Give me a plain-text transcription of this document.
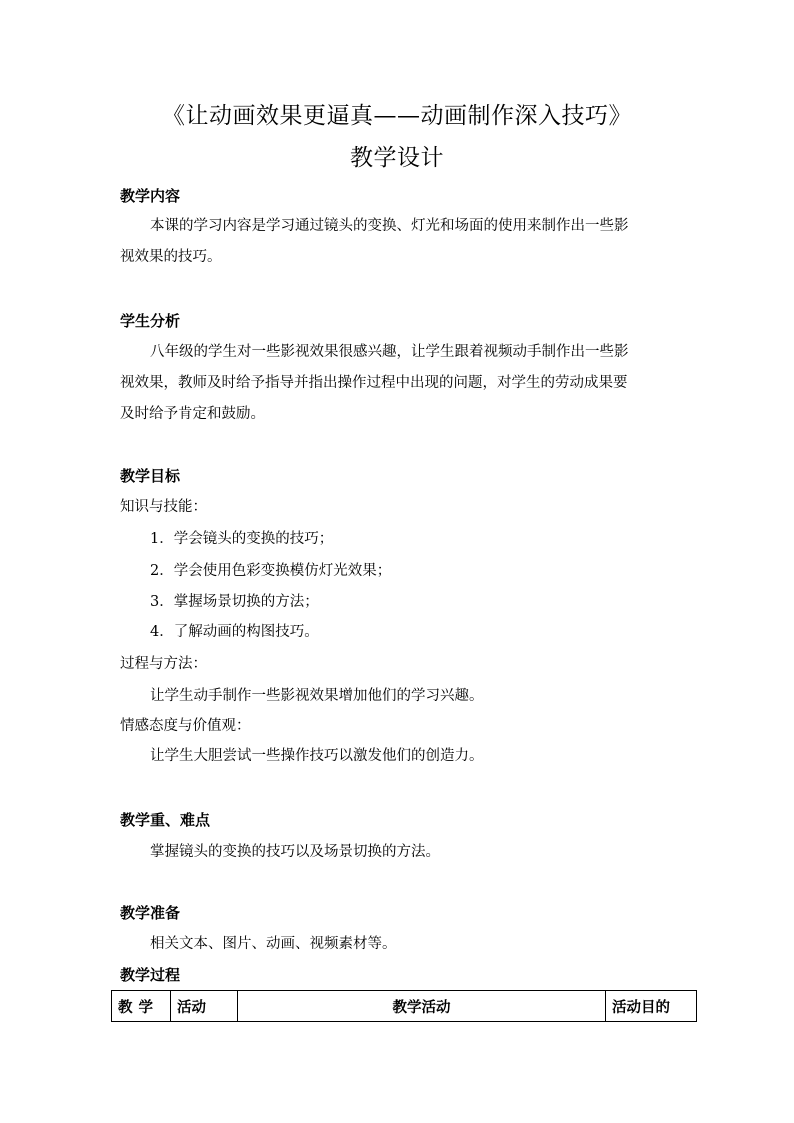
《让动画效果更逼真——动画制作深入技巧》
教学设计
教学内容
本课的学习内容是学习通过镜头的变换、灯光和场面的使用来制作出一些影
视效果的技巧。
学生分析
八年级的学生对一些影视效果很感兴趣，让学生跟着视频动手制作出一些影
视效果，教师及时给予指导并指出操作过程中出现的问题，对学生的劳动成果要
及时给予肯定和鼓励。
教学目标
知识与技能：
1．学会镜头的变换的技巧；
2．学会使用色彩变换模仿灯光效果；
3．掌握场景切换的方法；
4．了解动画的构图技巧。
过程与方法：
让学生动手制作一些影视效果增加他们的学习兴趣。
情感态度与价值观：
让学生大胆尝试一些操作技巧以激发他们的创造力。
教学重、难点
掌握镜头的变换的技巧以及场景切换的方法。
教学准备
相关文本、图片、动画、视频素材等。
教学过程
教学	活动	教学活动	活动目的
